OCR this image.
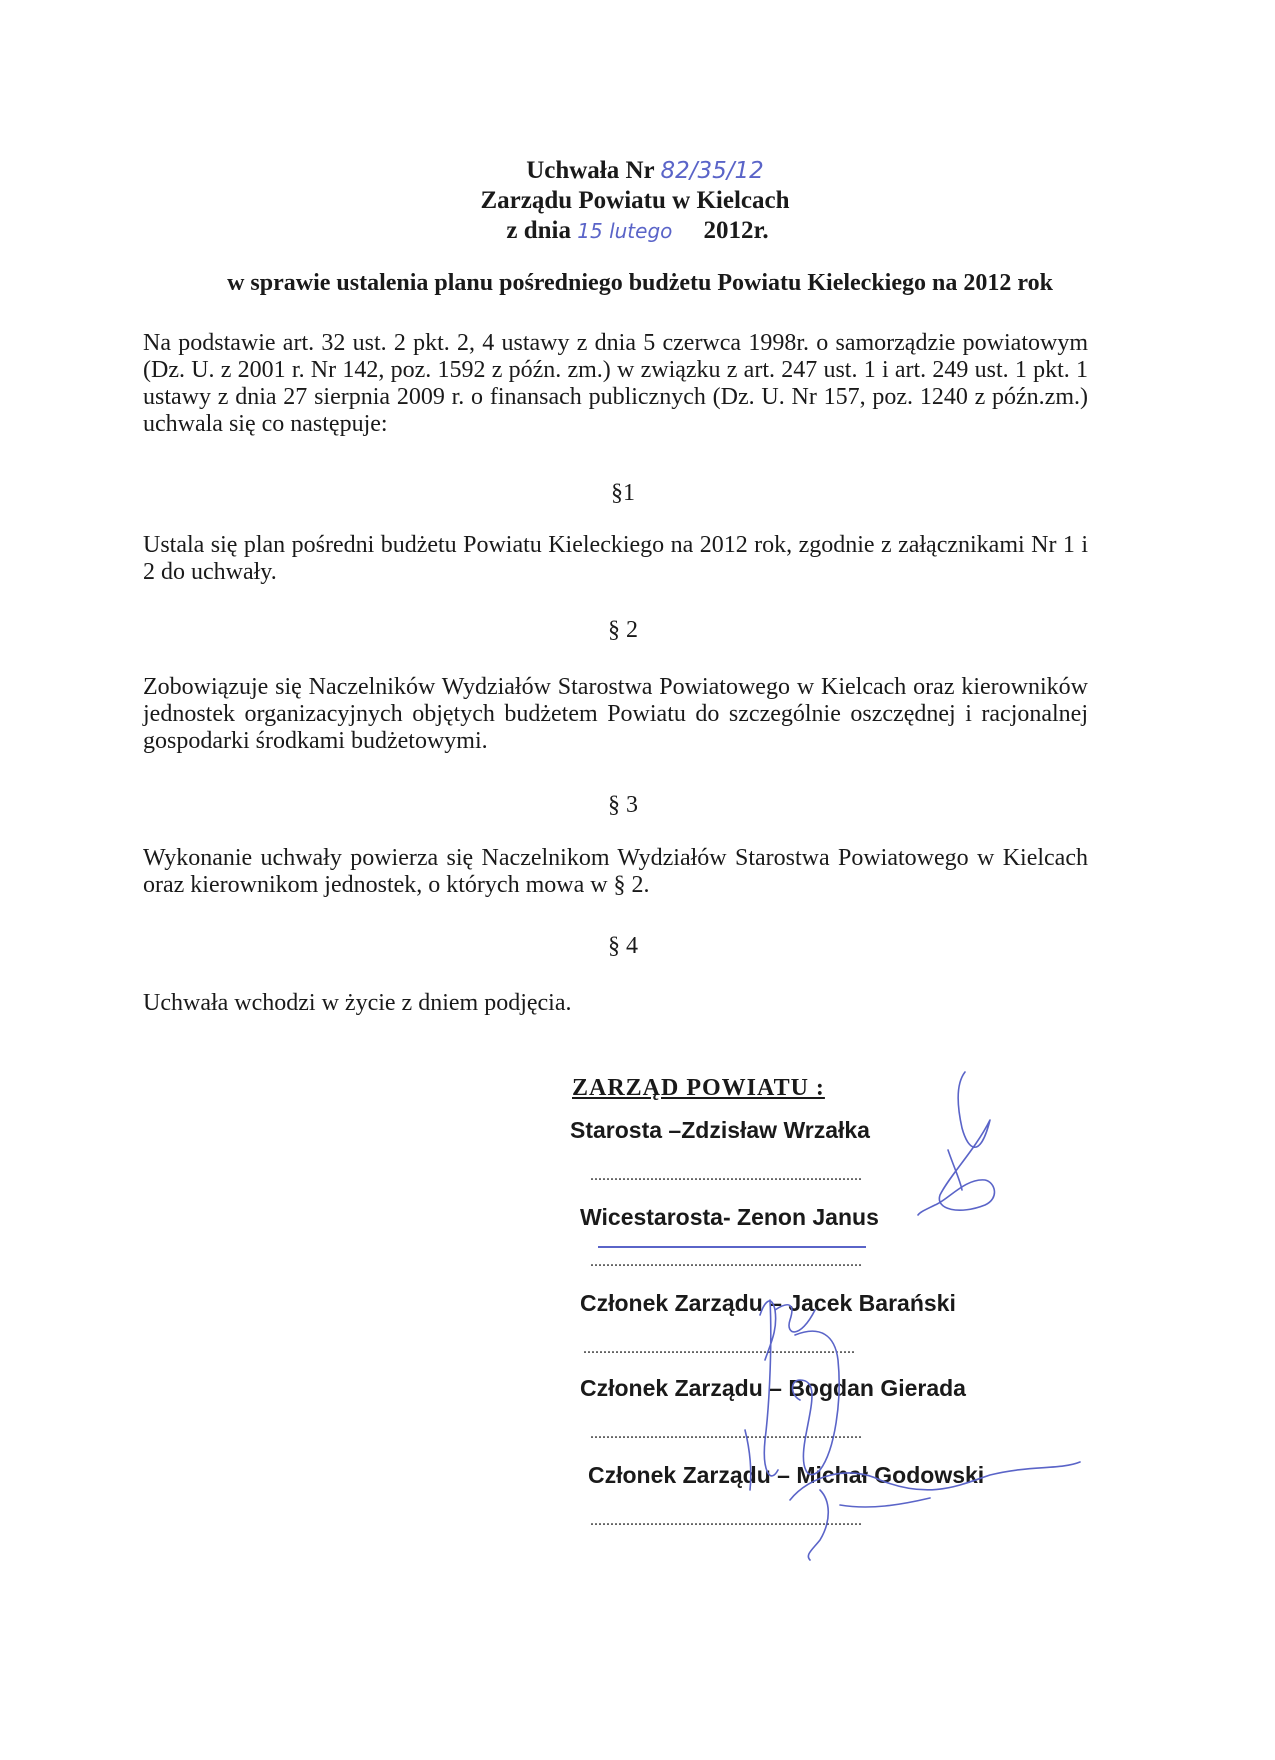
Uchwała Nr 82/35/12
Zarządu Powiatu w Kielcach
z dnia 15 lutego 2012r.
w sprawie ustalenia planu pośredniego budżetu Powiatu Kieleckiego na 2012 rok
Na podstawie art. 32 ust. 2 pkt. 2, 4 ustawy z dnia 5 czerwca 1998r. o samorządzie powiatowym (Dz. U. z 2001 r. Nr 142, poz. 1592 z późn. zm.) w związku z art. 247 ust. 1 i art. 249 ust. 1 pkt. 1 ustawy z dnia 27 sierpnia 2009 r. o finansach publicznych (Dz. U. Nr 157, poz. 1240 z późn.zm.) uchwala się co następuje:
§1
Ustala się plan pośredni budżetu Powiatu Kieleckiego na 2012 rok, zgodnie z załącznikami Nr 1 i 2 do uchwały.
§ 2
Zobowiązuje się Naczelników Wydziałów Starostwa Powiatowego w Kielcach oraz kierowników jednostek organizacyjnych objętych budżetem Powiatu do szczególnie oszczędnej i racjonalnej gospodarki środkami budżetowymi.
§ 3
Wykonanie uchwały powierza się Naczelnikom Wydziałów Starostwa Powiatowego w Kielcach oraz kierownikom jednostek, o których mowa w § 2.
§ 4
Uchwała wchodzi w życie z dniem podjęcia.
ZARZĄD POWIATU :
Starosta –Zdzisław Wrzałka
....................................................................
Wicestarosta- Zenon Janus
....................................................................
Członek Zarządu – Jacek Barański
....................................................................
Członek Zarządu – Bogdan Gierada
....................................................................
Członek Zarządu – Michał Godowski
....................................................................
